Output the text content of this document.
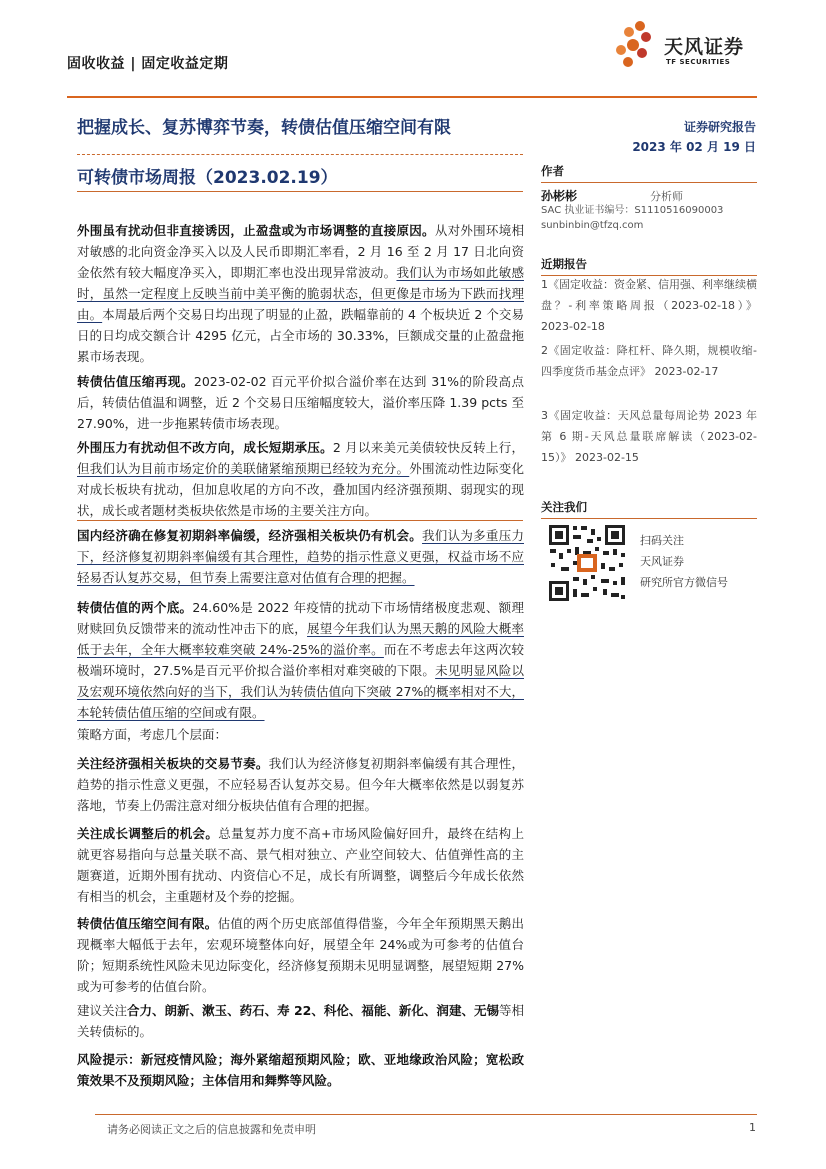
固收收益 | 固定收益定期
天风证券
TF SECURITIES
把握成长、复苏博弈节奏，转债估值压缩空间有限	证券研究报告
2023 年 02 月 19 日
可转债市场周报（2023.02.19）

外围虽有扰动但非直接诱因，止盈盘或为市场调整的直接原因。从对外围环境相对敏感的北向资金净买入以及人民币即期汇率看，2 月 16 至 2 月 17 日北向资金依然有较大幅度净买入，即期汇率也没出现异常波动。我们认为市场如此敏感时，虽然一定程度上反映当前中美平衡的脆弱状态，但更像是市场为下跌而找理由。本周最后两个交易日均出现了明显的止盈，跌幅靠前的 4 个板块近 2 个交易日的日均成交额合计 4295 亿元，占全市场的 30.33%，巨额成交量的止盈盘拖累市场表现。

转债估值压缩再现。2023-02-02 百元平价拟合溢价率在达到 31%的阶段高点后，转债估值温和调整，近 2 个交易日压缩幅度较大，溢价率压降 1.39 pcts 至 27.90%，进一步拖累转债市场表现。

外围压力有扰动但不改方向，成长短期承压。2 月以来美元美债较快反转上行，但我们认为目前市场定价的美联储紧缩预期已经较为充分。外围流动性边际变化对成长板块有扰动，但加息收尾的方向不改，叠加国内经济强预期、弱现实的现状，成长或者题材类板块依然是市场的主要关注方向。

国内经济确在修复初期斜率偏缓，经济强相关板块仍有机会。我们认为多重压力下，经济修复初期斜率偏缓有其合理性，趋势的指示性意义更强，权益市场不应轻易否认复苏交易，但节奏上需要注意对估值有合理的把握。

转债估值的两个底。24.60%是 2022 年疫情的扰动下市场情绪极度悲观、额理财赎回负反馈带来的流动性冲击下的底，展望今年我们认为黑天鹅的风险大概率低于去年，全年大概率较难突破 24%-25%的溢价率。而在不考虑去年这两次较极端环境时，27.5%是百元平价拟合溢价率相对难突破的下限。未见明显风险以及宏观环境依然向好的当下，我们认为转债估值向下突破 27%的概率相对不大，本轮转债估值压缩的空间或有限。

策略方面，考虑几个层面：

关注经济强相关板块的交易节奏。我们认为经济修复初期斜率偏缓有其合理性，趋势的指示性意义更强，不应轻易否认复苏交易。但今年大概率依然是以弱复苏落地，节奏上仍需注意对细分板块估值有合理的把握。

关注成长调整后的机会。总量复苏力度不高+市场风险偏好回升，最终在结构上就更容易指向与总量关联不高、景气相对独立、产业空间较大、估值弹性高的主题赛道，近期外围有扰动、内资信心不足，成长有所调整，调整后今年成长依然有相当的机会，主重题材及个券的挖掘。

转债估值压缩空间有限。估值的两个历史底部值得借鉴，今年全年预期黑天鹅出现概率大幅低于去年，宏观环境整体向好，展望全年 24%或为可参考的估值台阶；短期系统性风险未见边际变化，经济修复预期未见明显调整，展望短期 27%或为可参考的估值台阶。

建议关注合力、朗新、漱玉、药石、寿 22、科伦、福能、新化、润建、无锡等相关转债标的。

风险提示：新冠疫情风险；海外紧缩超预期风险；欧、亚地缘政治风险；宽松政策效果不及预期风险；主体信用和舞弊等风险。

作者
孙彬彬	分析师
SAC 执业证书编号：S1110516090003
sunbinbin@tfzq.com
近期报告

1《固定收益：资金紧、信用强、利率继续横盘？-利率策略周报（2023-02-18）》 2023-02-18

2《固定收益：降杠杆、降久期，规模收缩-四季度货币基金点评》 2023-02-17

3《固定收益：天风总量每周论势 2023 年第 6 期-天风总量联席解读（2023-02-15）》 2023-02-15

关注我们
扫码关注
天风证券
研究所官方微信号
请务必阅读正文之后的信息披露和免责申明	1
